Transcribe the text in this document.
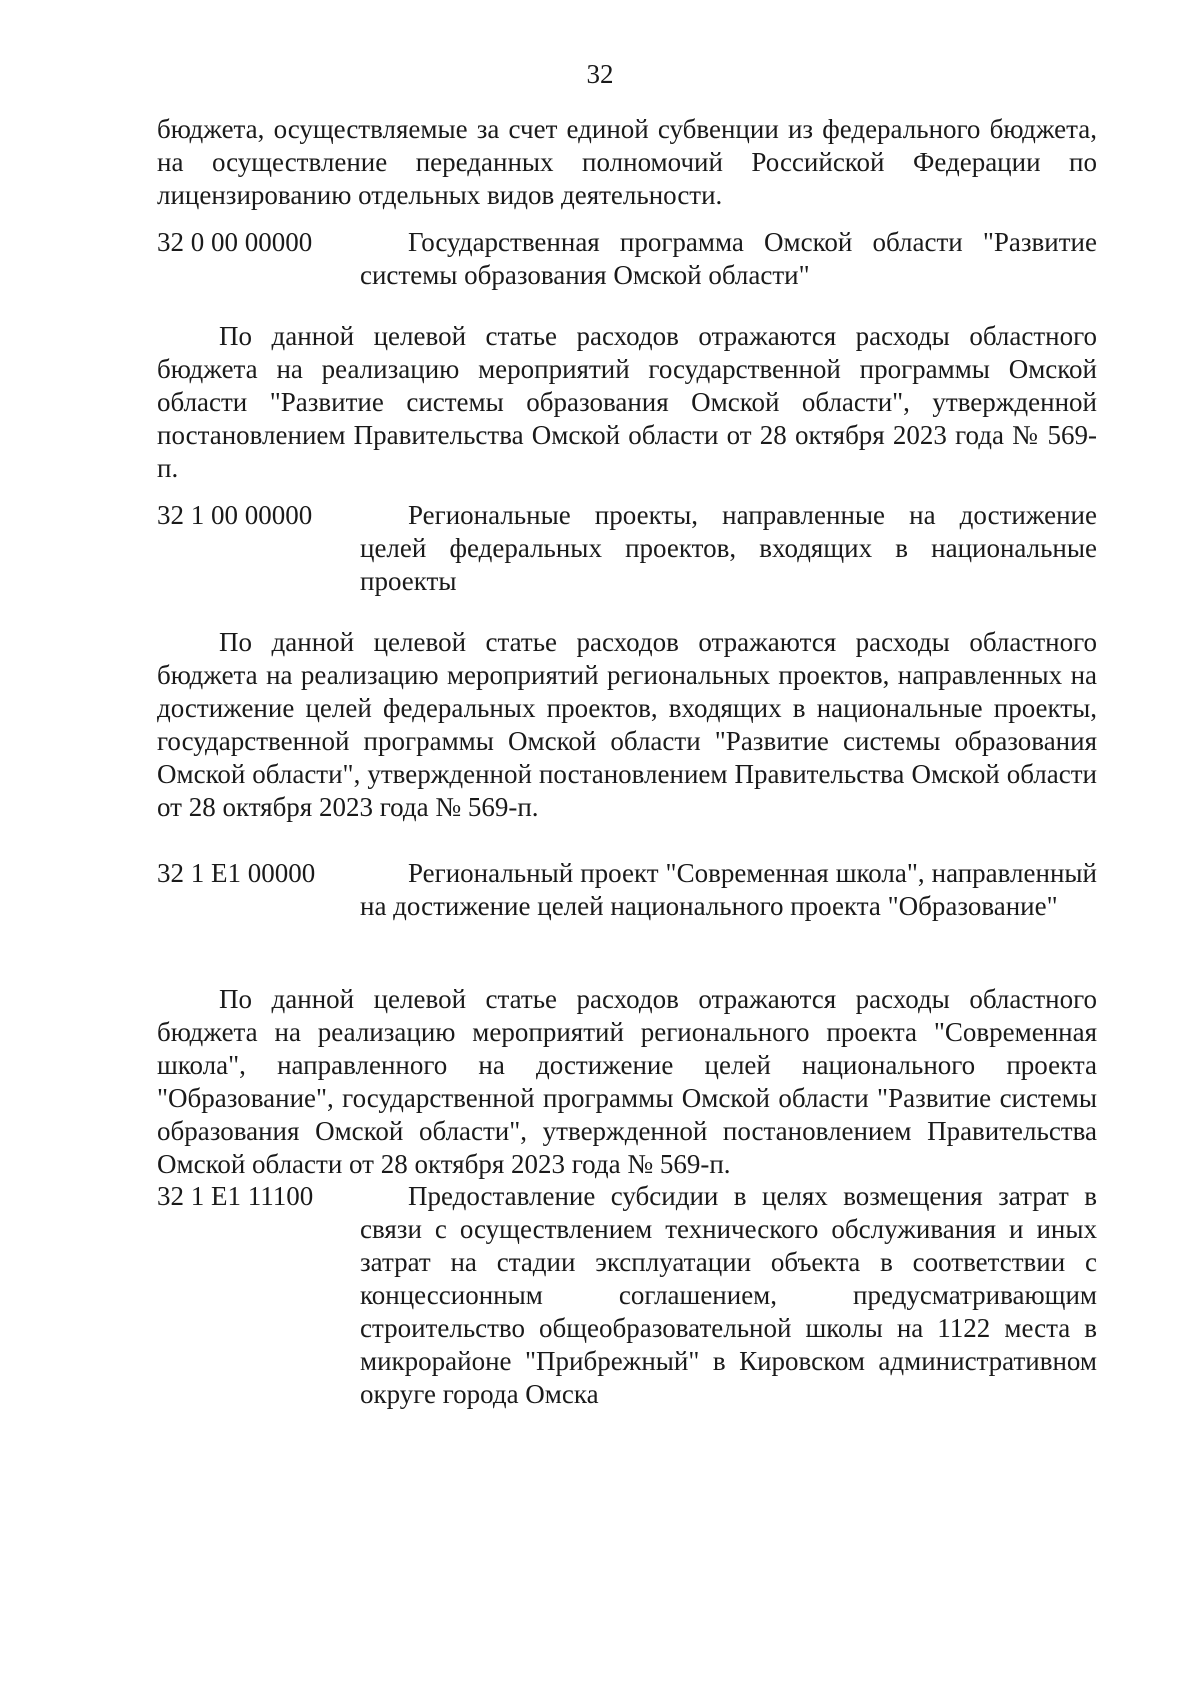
32

бюджета, осуществляемые за счет единой субвенции из федерального бюджета, на осуществление переданных полномочий Российской Федерации по лицензированию отдельных видов деятельности.

32 0 00 00000	Государственная программа Омской области "Развитие системы образования Омской области"

По данной целевой статье расходов отражаются расходы областного бюджета на реализацию мероприятий государственной программы Омской области "Развитие системы образования Омской области", утвержденной постановлением Правительства Омской области от 28 октября 2023 года № 569-п.

32 1 00 00000	Региональные проекты, направленные на достижение целей федеральных проектов, входящих в национальные проекты

По данной целевой статье расходов отражаются расходы областного бюджета на реализацию мероприятий региональных проектов, направленных на достижение целей федеральных проектов, входящих в национальные проекты, государственной программы Омской области "Развитие системы образования Омской области", утвержденной постановлением Правительства Омской области от 28 октября 2023 года № 569-п.

32 1 Е1 00000	Региональный проект "Современная школа", направленный на достижение целей национального проекта "Образование"

По данной целевой статье расходов отражаются расходы областного бюджета на реализацию мероприятий регионального проекта "Современная школа", направленного на достижение целей национального проекта "Образование", государственной программы Омской области "Развитие системы образования Омской области", утвержденной постановлением Правительства Омской области от 28 октября 2023 года № 569-п.

32 1 Е1 11100	Предоставление субсидии в целях возмещения затрат в связи с осуществлением технического обслуживания и иных затрат на стадии эксплуатации объекта в соответствии с концессионным соглашением, предусматривающим строительство общеобразовательной школы на 1122 места в микрорайоне "Прибрежный" в Кировском административном округе города Омска
